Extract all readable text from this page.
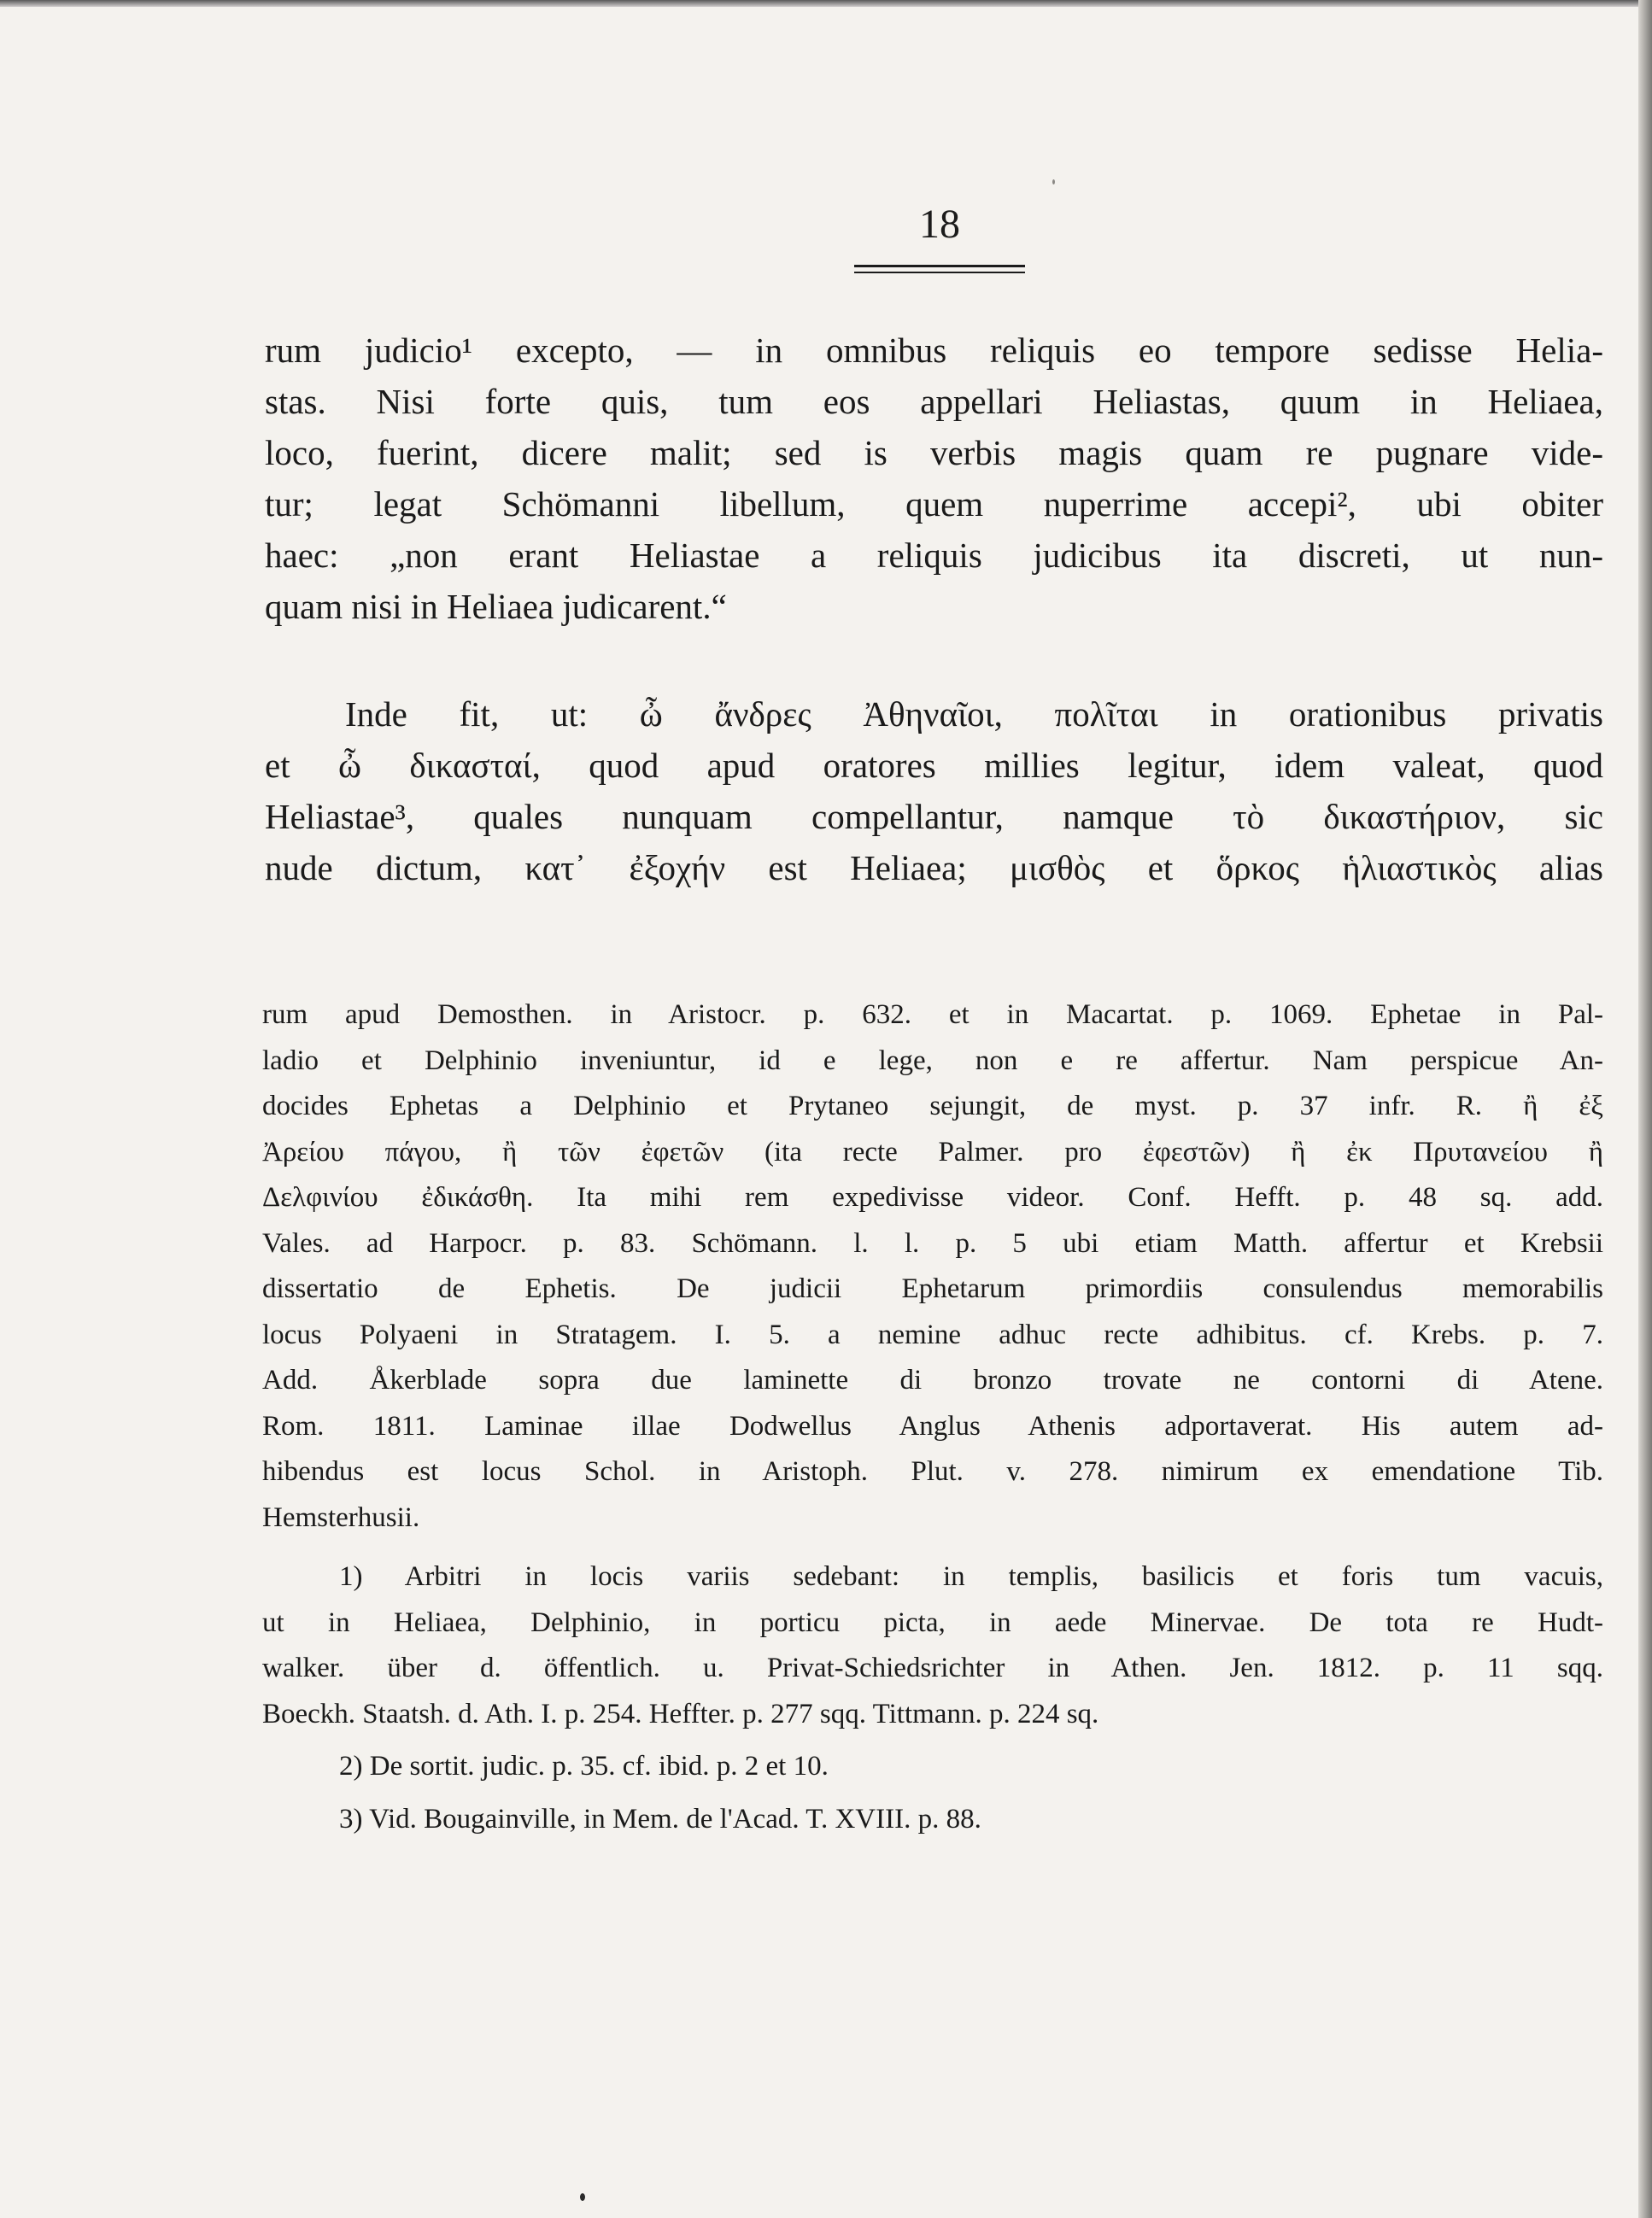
18
rum judicio¹ excepto, — in omnibus reliquis eo tempore sedisse Helia-
stas. Nisi forte quis, tum eos appellari Heliastas, quum in Heliaea,
loco, fuerint, dicere malit; sed is verbis magis quam re pugnare vide-
tur; legat Schömanni libellum, quem nuperrime accepi², ubi obiter
haec: „non erant Heliastae a reliquis judicibus ita discreti, ut nun-
quam nisi in Heliaea judicarent.“
Inde fit, ut: ὦ ἄνδρες Ἀθηναῖοι, πολῖται in orationibus privatis
et ὦ δικασταί, quod apud oratores millies legitur, idem valeat, quod
Heliastae³, quales nunquam compellantur, namque τὸ δικαστήριον, sic
nude dictum, κατ᾽ ἐξοχήν est Heliaea; μισθὸς et ὅρκος ἡλιαστικὸς alias
rum apud Demosthen. in Aristocr. p. 632. et in Macartat. p. 1069. Ephetae in Pal-
ladio et Delphinio inveniuntur, id e lege, non e re affertur. Nam perspicue An-
docides Ephetas a Delphinio et Prytaneo sejungit, de myst. p. 37 infr. R. ἢ ἐξ
Ἀρείου πάγου, ἢ τῶν ἐφετῶν (ita recte Palmer. pro ἐφεστῶν) ἢ ἐκ Πρυτανείου ἢ
Δελφινίου ἐδικάσθη. Ita mihi rem expedivisse videor. Conf. Hefft. p. 48 sq. add.
Vales. ad Harpocr. p. 83. Schömann. l. l. p. 5 ubi etiam Matth. affertur et Krebsii
dissertatio de Ephetis. De judicii Ephetarum primordiis consulendus memorabilis
locus Polyaeni in Stratagem. I. 5. a nemine adhuc recte adhibitus. cf. Krebs. p. 7.
Add. Åkerblade sopra due laminette di bronzo trovate ne contorni di Atene.
Rom. 1811. Laminae illae Dodwellus Anglus Athenis adportaverat. His autem ad-
hibendus est locus Schol. in Aristoph. Plut. v. 278. nimirum ex emendatione Tib.
Hemsterhusii.
1) Arbitri in locis variis sedebant: in templis, basilicis et foris tum vacuis,
ut in Heliaea, Delphinio, in porticu picta, in aede Minervae. De tota re Hudt-
walker. über d. öffentlich. u. Privat-Schiedsrichter in Athen. Jen. 1812. p. 11 sqq.
Boeckh. Staatsh. d. Ath. I. p. 254. Heffter. p. 277 sqq. Tittmann. p. 224 sq.
2) De sortit. judic. p. 35. cf. ibid. p. 2 et 10.
3) Vid. Bougainville, in Mem. de l'Acad. T. XVIII. p. 88.
